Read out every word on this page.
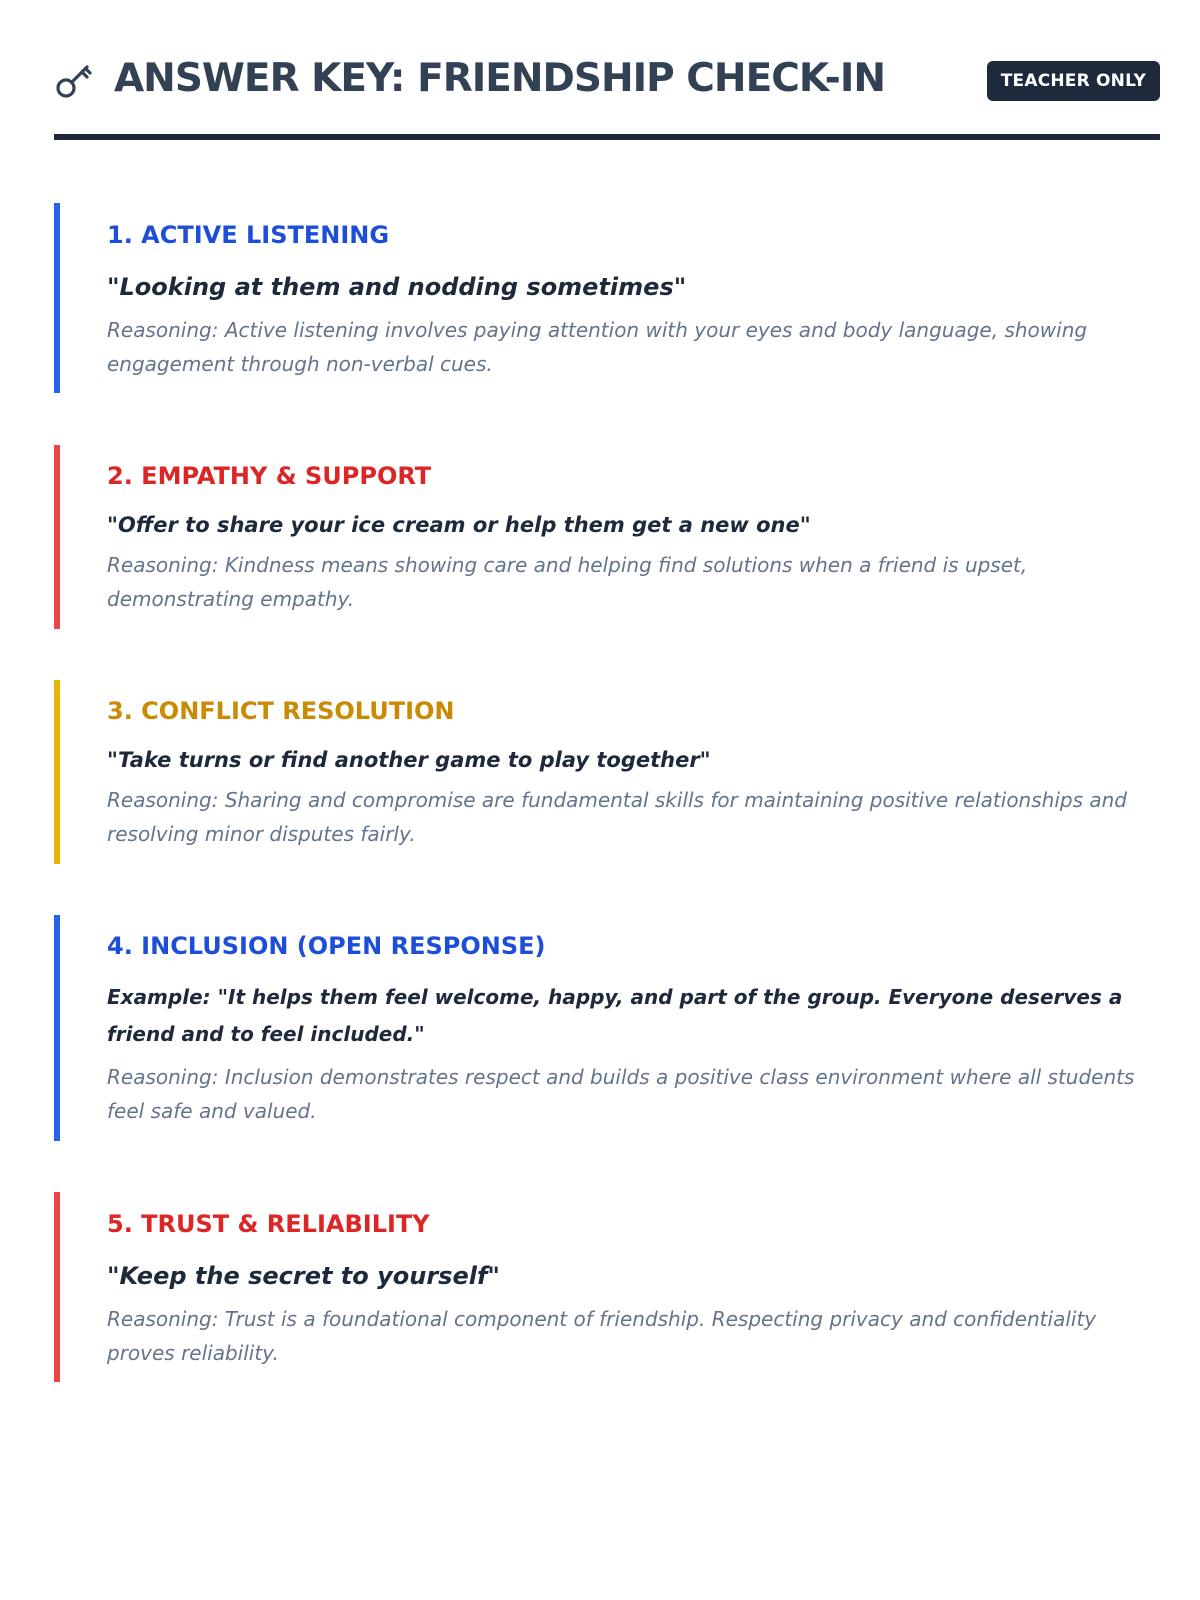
ANSWER KEY: FRIENDSHIP CHECK-IN	TEACHER ONLY
1. ACTIVE LISTENING

"Looking at them and nodding sometimes"

Reasoning: Active listening involves paying attention with your eyes and body language, showing engagement through non-verbal cues.

2. EMPATHY & SUPPORT

"Offer to share your ice cream or help them get a new one"

Reasoning: Kindness means showing care and helping find solutions when a friend is upset, demonstrating empathy.

3. CONFLICT RESOLUTION

"Take turns or find another game to play together"

Reasoning: Sharing and compromise are fundamental skills for maintaining positive relationships and resolving minor disputes fairly.

4. INCLUSION (OPEN RESPONSE)

Example: "It helps them feel welcome, happy, and part of the group. Everyone deserves a friend and to feel included."

Reasoning: Inclusion demonstrates respect and builds a positive class environment where all students feel safe and valued.

5. TRUST & RELIABILITY

"Keep the secret to yourself"

Reasoning: Trust is a foundational component of friendship. Respecting privacy and confidentiality proves reliability.
